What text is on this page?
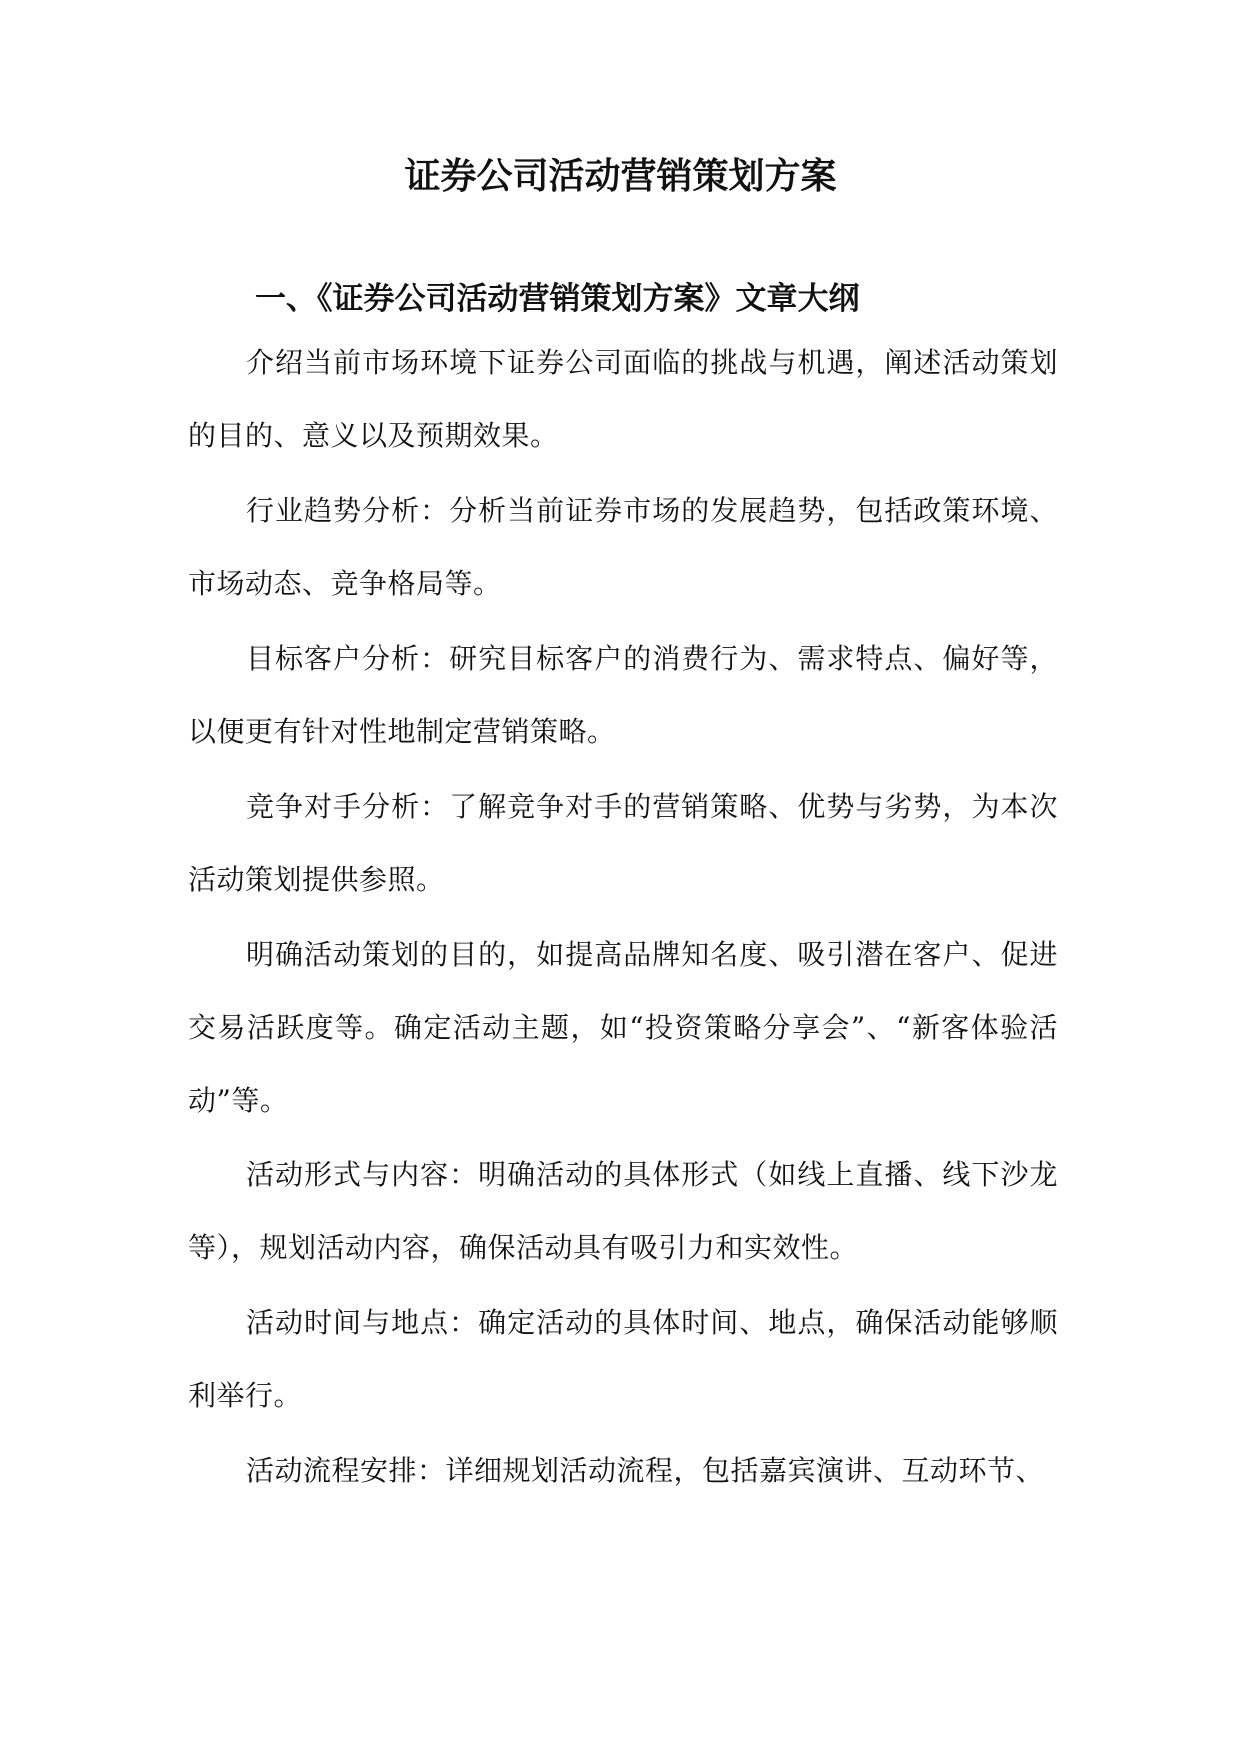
证券公司活动营销策划方案
一、《证券公司活动营销策划方案》文章大纲

介绍当前市场环境下证券公司面临的挑战与机遇，阐述活动策划的目的、意义以及预期效果。

行业趋势分析：分析当前证券市场的发展趋势，包括政策环境、市场动态、竞争格局等。

目标客户分析：研究目标客户的消费行为、需求特点、偏好等，以便更有针对性地制定营销策略。

竞争对手分析：了解竞争对手的营销策略、优势与劣势，为本次活动策划提供参照。

明确活动策划的目的，如提高品牌知名度、吸引潜在客户、促进交易活跃度等。确定活动主题，如“投资策略分享会”、“新客体验活动”等。

活动形式与内容：明确活动的具体形式（如线上直播、线下沙龙等），规划活动内容，确保活动具有吸引力和实效性。

活动时间与地点：确定活动的具体时间、地点，确保活动能够顺利举行。

活动流程安排：详细规划活动流程，包括嘉宾演讲、互动环节、
